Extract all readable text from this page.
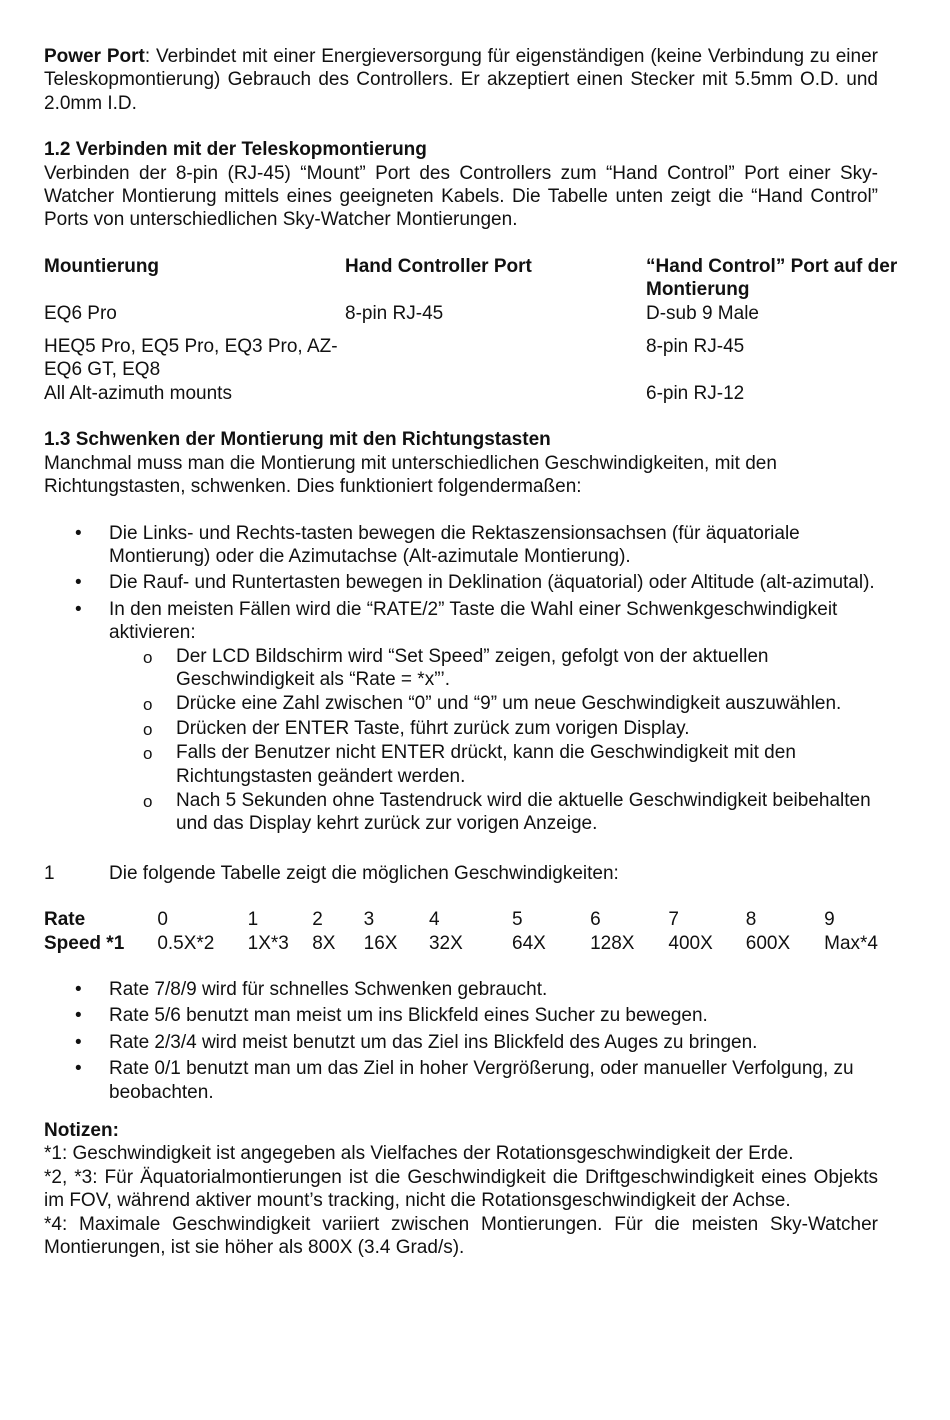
Power Port: Verbindet mit einer Energieversorgung für eigenständigen (keine Verbindung zu einer Teleskopmontierung) Gebrauch des Controllers. Er akzeptiert einen Stecker mit 5.5mm O.D. und 2.0mm I.D.

1.2 Verbinden mit der Teleskopmontierung

Verbinden der 8-pin (RJ-45) “Mount” Port des Controllers zum “Hand Control” Port einer Sky-Watcher Montierung mittels eines geeigneten Kabels. Die Tabelle unten zeigt die “Hand Control” Ports von unterschiedlichen Sky-Watcher Montierungen.

Mountierung	Hand Controller Port	“Hand Control” Port auf der Montierung
EQ6 Pro	8-pin RJ-45	D-sub 9 Male
HEQ5 Pro, EQ5 Pro, EQ3 Pro, AZ-EQ6 GT, EQ8		8-pin RJ-45
All Alt-azimuth mounts		6-pin RJ-12

1.3 Schwenken der Montierung mit den Richtungstasten

Manchmal muss man die Montierung mit unterschiedlichen Geschwindigkeiten, mit den Richtungstasten, schwenken. Dies funktioniert folgendermaßen:

• Die Links- und Rechts-tasten bewegen die Rektaszensionsachsen (für äquatoriale Montierung) oder die Azimutachse (Alt-azimutale Montierung).
• Die Rauf- und Runtertasten bewegen in Deklination (äquatorial) oder Altitude (alt-azimutal).
• In den meisten Fällen wird die “RATE/2” Taste die Wahl einer Schwenkgeschwindigkeit aktivieren:
o Der LCD Bildschirm wird “Set Speed” zeigen, gefolgt von der aktuellen Geschwindigkeit als “Rate = *x”’.
o Drücke eine Zahl zwischen “0” und “9” um neue Geschwindigkeit auszuwählen.
o Drücken der ENTER Taste, führt zurück zum vorigen Display.
o Falls der Benutzer nicht ENTER drückt, kann die Geschwindigkeit mit den Richtungstasten geändert werden.
o Nach 5 Sekunden ohne Tastendruck wird die aktuelle Geschwindigkeit beibehalten und das Display kehrt zurück zur vorigen Anzeige.

1	Die folgende Tabelle zeigt die möglichen Geschwindigkeiten:

Rate	0	1	2	3	4	5	6	7	8	9
Speed *1	0.5X*2	1X*3	8X	16X	32X	64X	128X	400X	600X	Max*4
• Rate 7/8/9 wird für schnelles Schwenken gebraucht.
• Rate 5/6 benutzt man meist um ins Blickfeld eines Sucher zu bewegen.
• Rate 2/3/4 wird meist benutzt um das Ziel ins Blickfeld des Auges zu bringen.
• Rate 0/1 benutzt man um das Ziel in hoher Vergrößerung, oder manueller Verfolgung, zu beobachten.

Notizen:

*1: Geschwindigkeit ist angegeben als Vielfaches der Rotationsgeschwindigkeit der Erde.

*2, *3: Für Äquatorialmontierungen ist die Geschwindigkeit die Driftgeschwindigkeit eines Objekts im FOV, während aktiver mount’s tracking, nicht die Rotationsgeschwindigkeit der Achse.

*4: Maximale Geschwindigkeit variiert zwischen Montierungen. Für die meisten Sky-Watcher Montierungen, ist sie höher als 800X (3.4 Grad/s).
